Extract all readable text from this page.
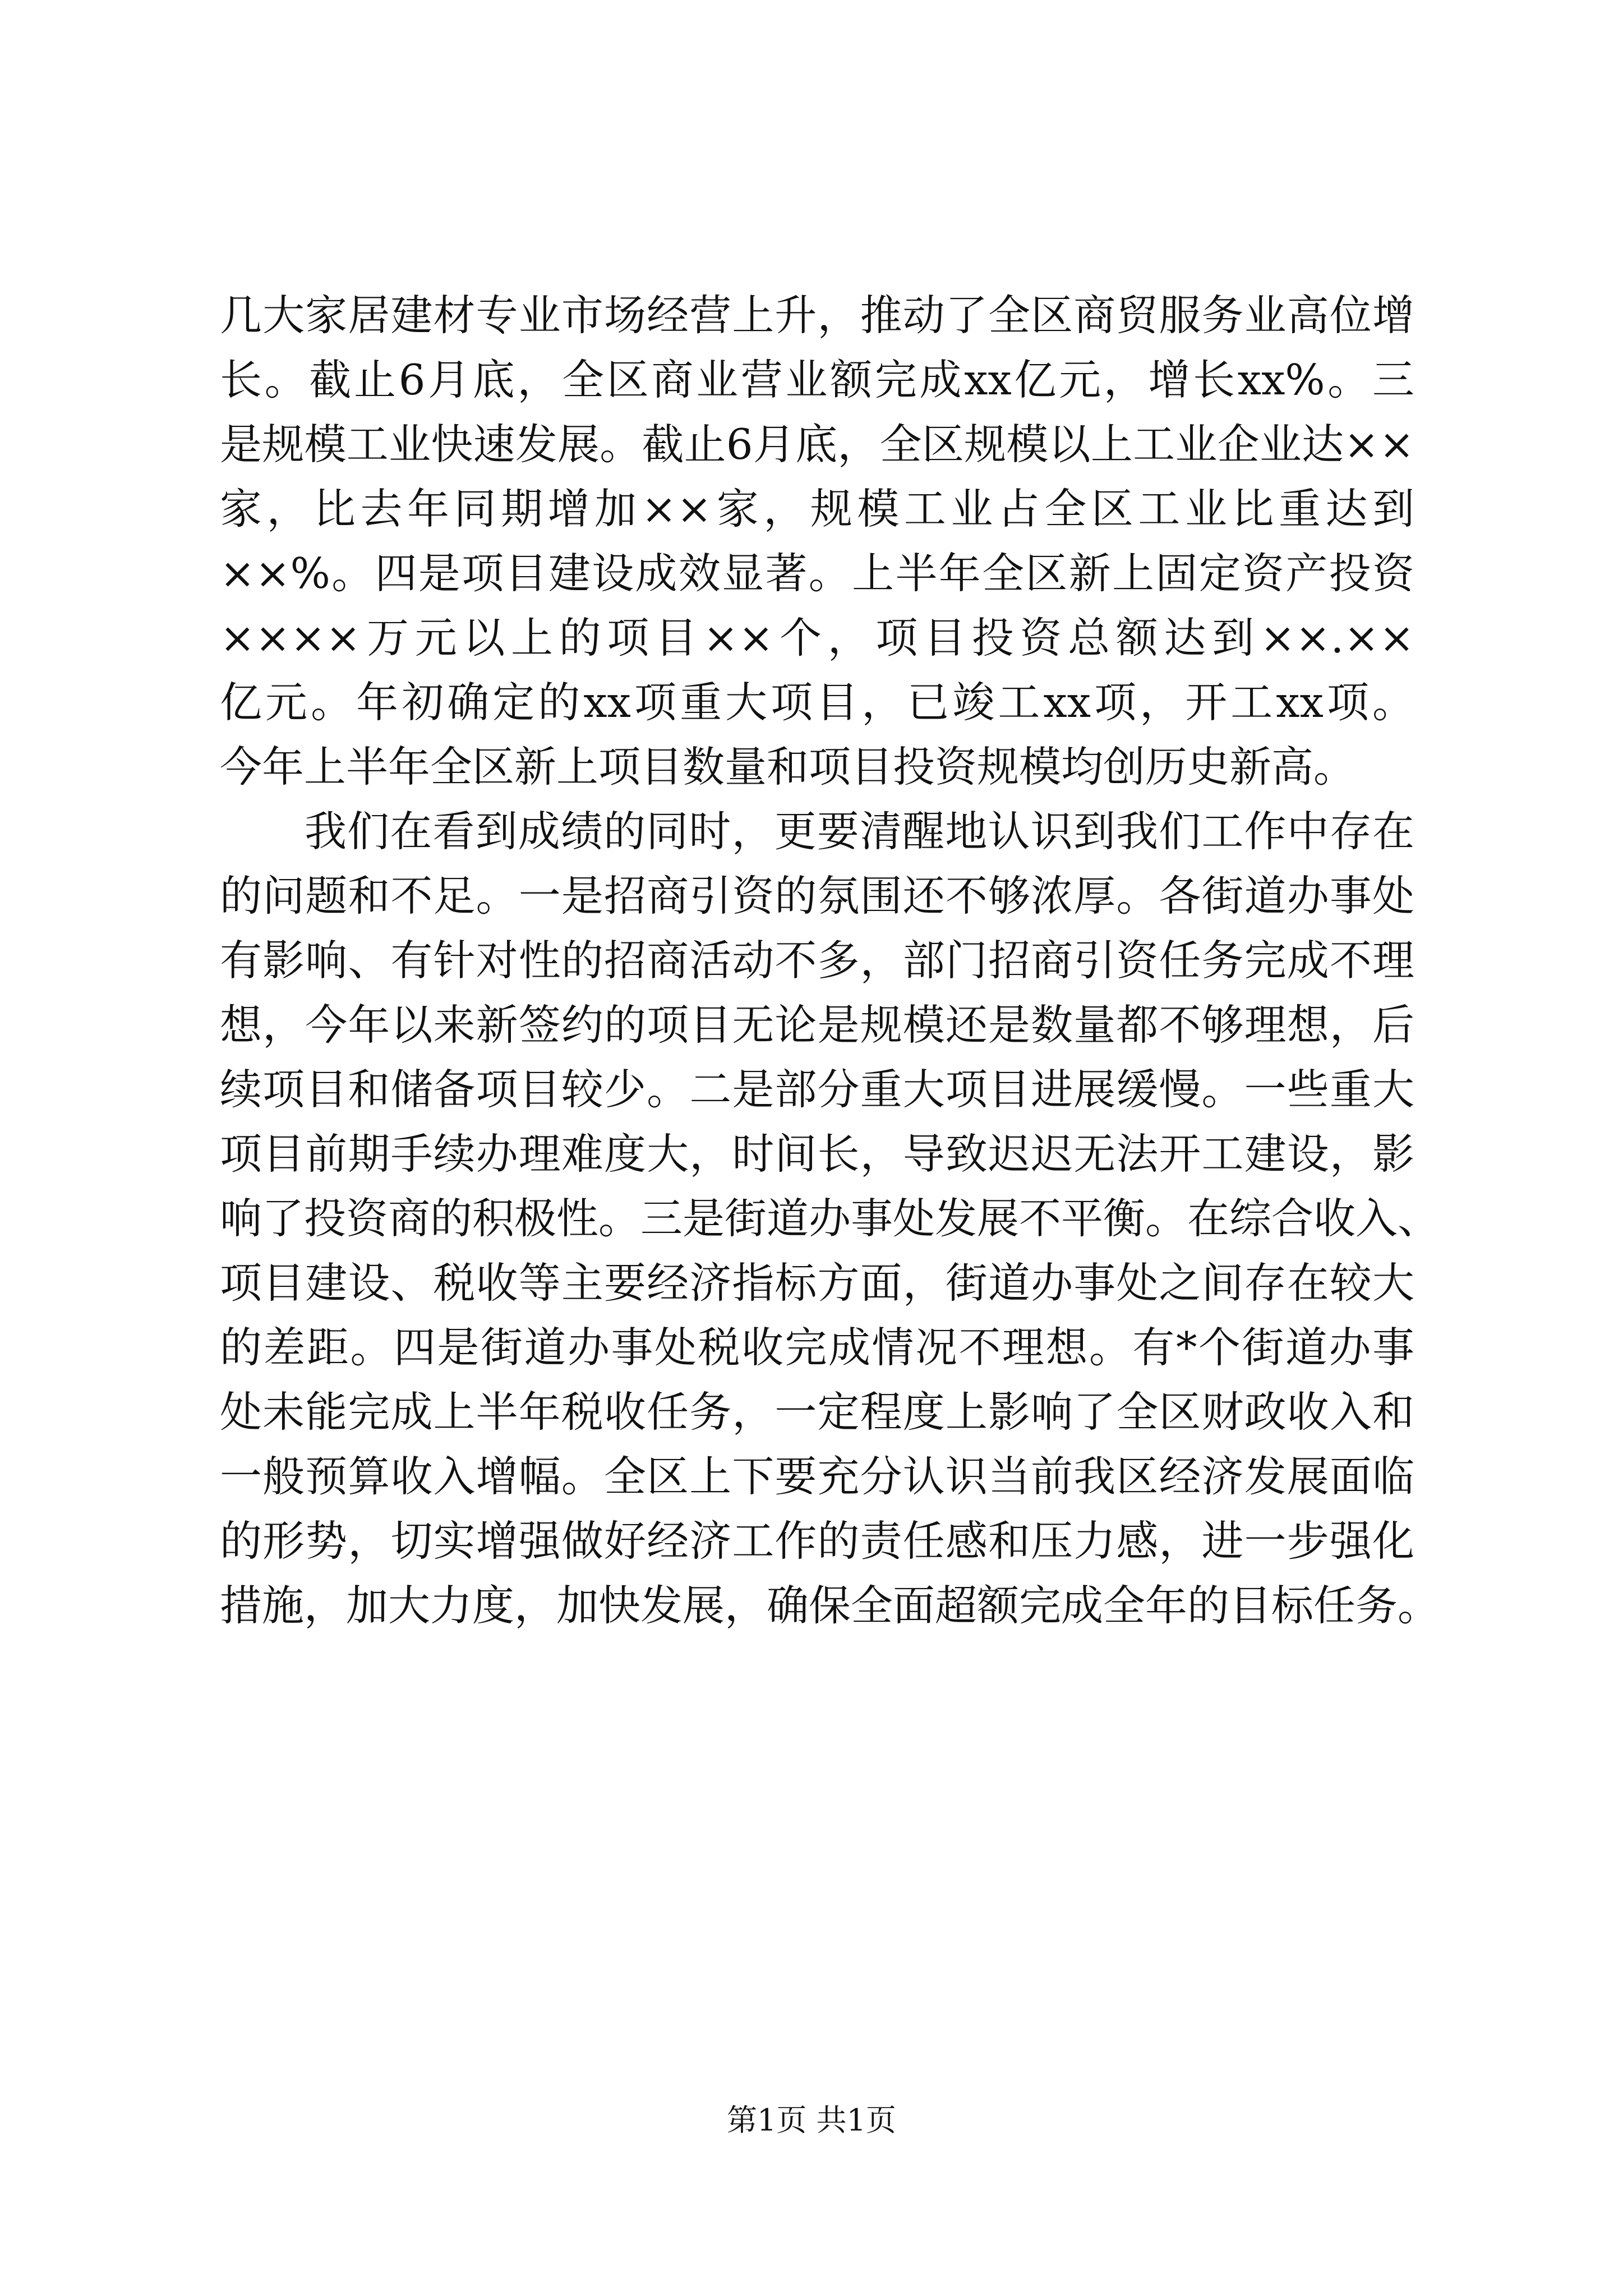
几大家居建材专业市场经营上升，推动了全区商贸服务业高位增
长。截止6月底，全区商业营业额完成xx亿元，增长xx%。三
是规模工业快速发展。截止6月底，全区规模以上工业企业达××
家，比去年同期增加××家，规模工业占全区工业比重达到
××%。四是项目建设成效显著。上半年全区新上固定资产投资
××××万元以上的项目××个，项目投资总额达到××.××
亿元。年初确定的xx项重大项目，已竣工xx项，开工xx项。
今年上半年全区新上项目数量和项目投资规模均创历史新高。
我们在看到成绩的同时，更要清醒地认识到我们工作中存在
的问题和不足。一是招商引资的氛围还不够浓厚。各街道办事处
有影响、有针对性的招商活动不多，部门招商引资任务完成不理
想，今年以来新签约的项目无论是规模还是数量都不够理想，后
续项目和储备项目较少。二是部分重大项目进展缓慢。一些重大
项目前期手续办理难度大，时间长，导致迟迟无法开工建设，影
响了投资商的积极性。三是街道办事处发展不平衡。在综合收入、
项目建设、税收等主要经济指标方面，街道办事处之间存在较大
的差距。四是街道办事处税收完成情况不理想。有*个街道办事
处未能完成上半年税收任务，一定程度上影响了全区财政收入和
一般预算收入增幅。全区上下要充分认识当前我区经济发展面临
的形势，切实增强做好经济工作的责任感和压力感，进一步强化
措施，加大力度，加快发展，确保全面超额完成全年的目标任务。
第1页 共1页
